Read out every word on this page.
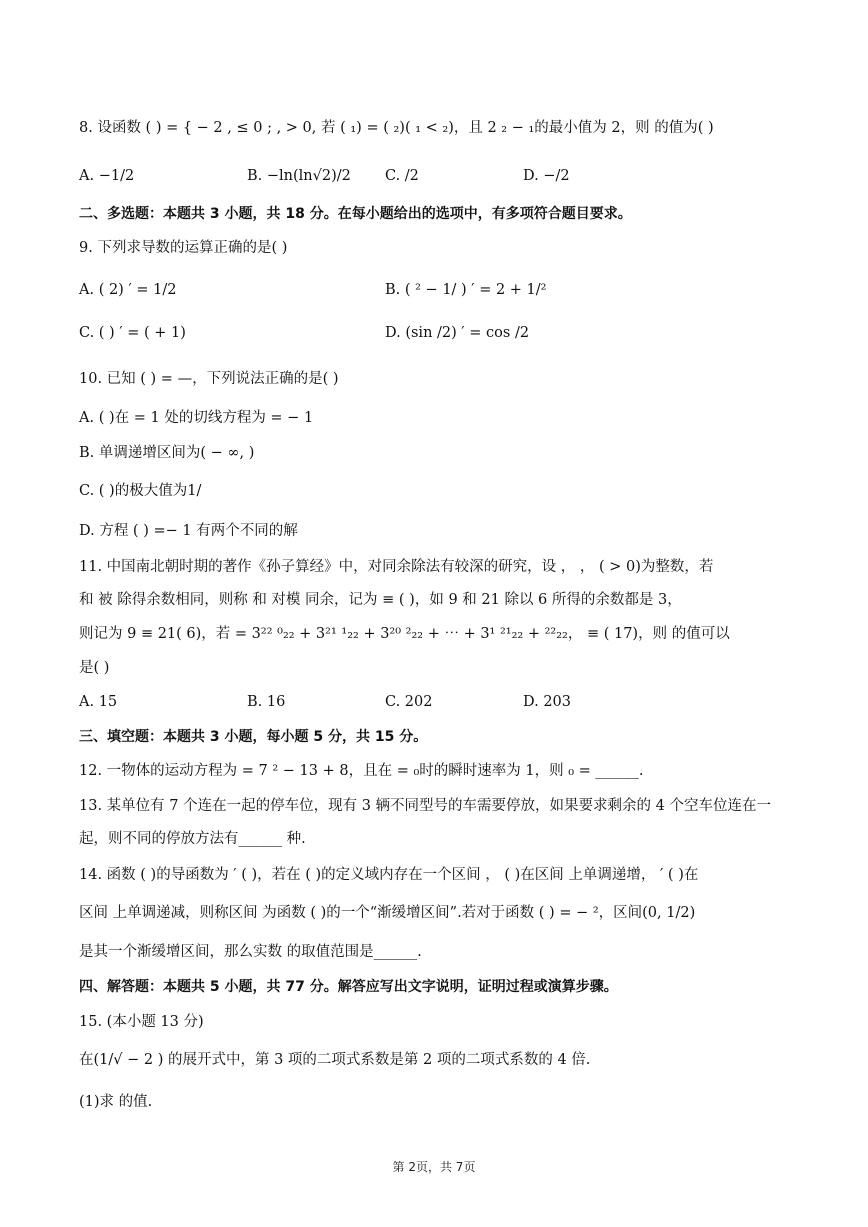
8. 设函数 ( ) = { − 2 , ≤ 0 ; , > 0, 若 ( ₁) = ( ₂)( ₁ < ₂)，且 2 ₂ − ₁的最小值为 2，则 的值为( )
A. −1/2	B. −ln(ln√2)/2 C. /2	D. −/2
二、多选题：本题共 3 小题，共 18 分。在每小题给出的选项中，有多项符合题目要求。
9. 下列求导数的运算正确的是( )
A. ( 2) ′ = 1/2	B. ( ² − 1/ ) ′ = 2 + 1/²
C. ( ) ′ = ( + 1)	D. (sin /2) ′ = cos /2
10. 已知 ( ) = —，下列说法正确的是( )
A. ( )在 = 1 处的切线方程为 = − 1
B. 单调递增区间为( − ∞, )
C. ( )的极大值为1/
D. 方程 ( ) =− 1 有两个不同的解
11. 中国南北朝时期的著作《孙子算经》中，对同余除法有较深的研究，设 ， ， ( > 0)为整数，若
和 被 除得余数相同，则称 和 对模 同余，记为 ≡ ( )，如 9 和 21 除以 6 所得的余数都是 3，
则记为 9 ≡ 21( 6)，若 = 3²² ⁰₂₂ + 3²¹ ¹₂₂ + 3²⁰ ²₂₂ + ⋯ + 3¹ ²¹₂₂ + ²²₂₂， ≡ ( 17)，则 的值可以
是( )
A. 15	B. 16	C. 202	D. 203
三、填空题：本题共 3 小题，每小题 5 分，共 15 分。
12. 一物体的运动方程为 = 7 ² − 13 + 8，且在 = ₀时的瞬时速率为 1，则 ₀ = ______.
13. 某单位有 7 个连在一起的停车位，现有 3 辆不同型号的车需要停放，如果要求剩余的 4 个空车位连在一
起，则不同的停放方法有______ 种.
14. 函数 ( )的导函数为 ′ ( )，若在 ( )的定义域内存在一个区间 ， ( )在区间 上单调递增， ′ ( )在
区间 上单调递减，则称区间 为函数 ( )的一个“渐缓增区间”.若对于函数 ( ) = − ²，区间(0, 1/2)
是其一个渐缓增区间，那么实数 的取值范围是______.
四、解答题：本题共 5 小题，共 77 分。解答应写出文字说明，证明过程或演算步骤。
15. (本小题 13 分)
在(1/√ − 2 ) 的展开式中，第 3 项的二项式系数是第 2 项的二项式系数的 4 倍.
(1)求 的值.
第 2页，共 7页
